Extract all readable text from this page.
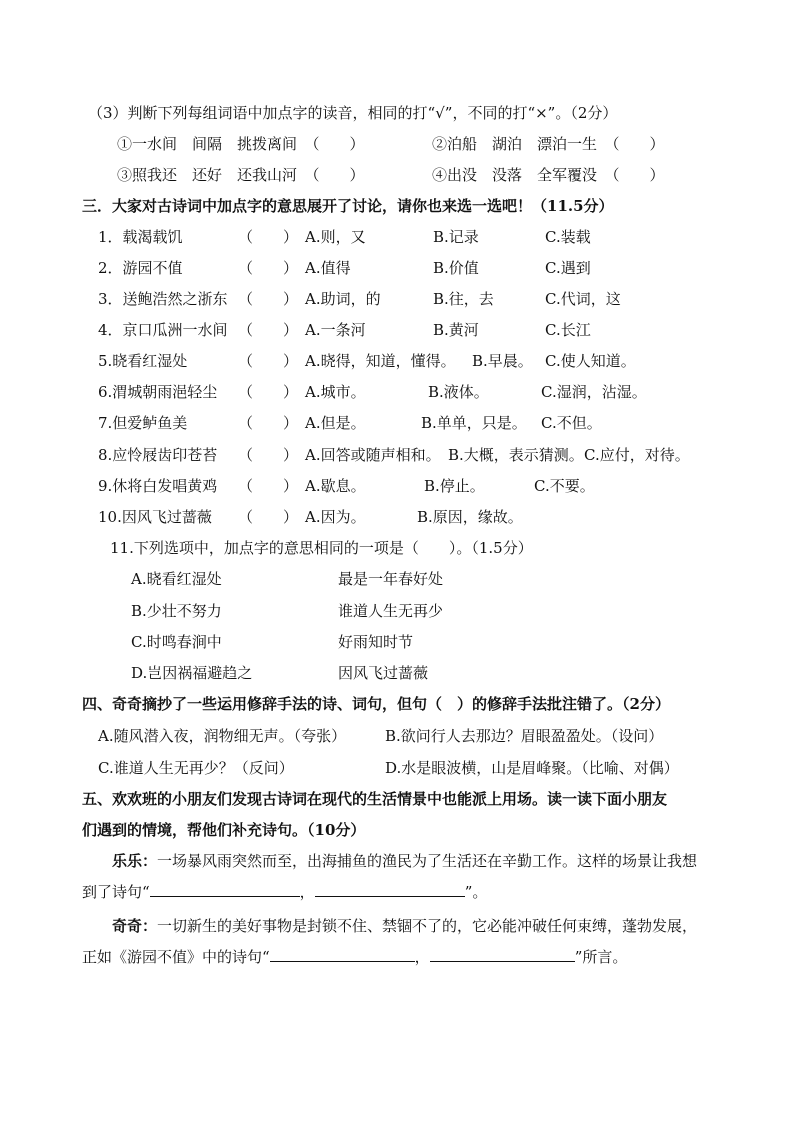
（3）判断下列每组词语中加点字的读音，相同的打“√”，不同的打“×”。（2分）
①一水间　间隔　挑拨离间　（　　）	②泊船　湖泊　漂泊一生　（　　）
③照我还　还好　还我山河　（　　）	④出没　没落　全军覆没　（　　）
三．大家对古诗词中加点字的意思展开了讨论，请你也来选一选吧！（11.5分）
1．载渴载饥	（　　） A.则，又	B.记录	C.装载
2．游园不值	（　　） A.值得	B.价值	C.遇到
3．送鲍浩然之浙东 （　　） A.助词，的	B.往，去	C.代词，这
4．京口瓜洲一水间 （　　） A.一条河	B.黄河	C.长江
5.晓看红湿处	（　　） A.晓得，知道，懂得。 B.早晨。 C.使人知道。
6.渭城朝雨浥轻尘 （　　） A.城市。	B.液体。	C.湿润，沾湿。
7.但爱鲈鱼美	（　　） A.但是。	B.单单，只是。 C.不但。
8.应怜屐齿印苍苔 （　　） A.回答或随声相和。 B.大概，表示猜测。 C.应付，对待。
9.休将白发唱黄鸡 （　　） A.歇息。	B.停止。	C.不要。
10.因风飞过蔷薇 （　　） A.因为。	B.原因，缘故。
11.下列选项中，加点字的意思相同的一项是（　　）。（1.5分）
A.晓看红湿处	最是一年春好处
B.少壮不努力	谁道人生无再少
C.时鸣春涧中	好雨知时节
D.岂因祸福避趋之	因风飞过蔷薇
四、奇奇摘抄了一些运用修辞手法的诗、词句，但句（　）的修辞手法批注错了。（2分）
A.随风潜入夜，润物细无声。（夸张）	B.欲问行人去那边？眉眼盈盈处。（设问）
C.谁道人生无再少？（反问）	D.水是眼波横，山是眉峰聚。（比喻、对偶）
五、欢欢班的小朋友们发现古诗词在现代的生活情景中也能派上用场。读一读下面小朋友
们遇到的情境，帮他们补充诗句。（10分）
乐乐：一场暴风雨突然而至，出海捕鱼的渔民为了生活还在辛勤工作。这样的场景让我想到了诗句“	，	”。
奇奇：一切新生的美好事物是封锁不住、禁锢不了的，它必能冲破任何束缚，蓬勃发展，正如《游园不值》中的诗句“	，	”所言。
